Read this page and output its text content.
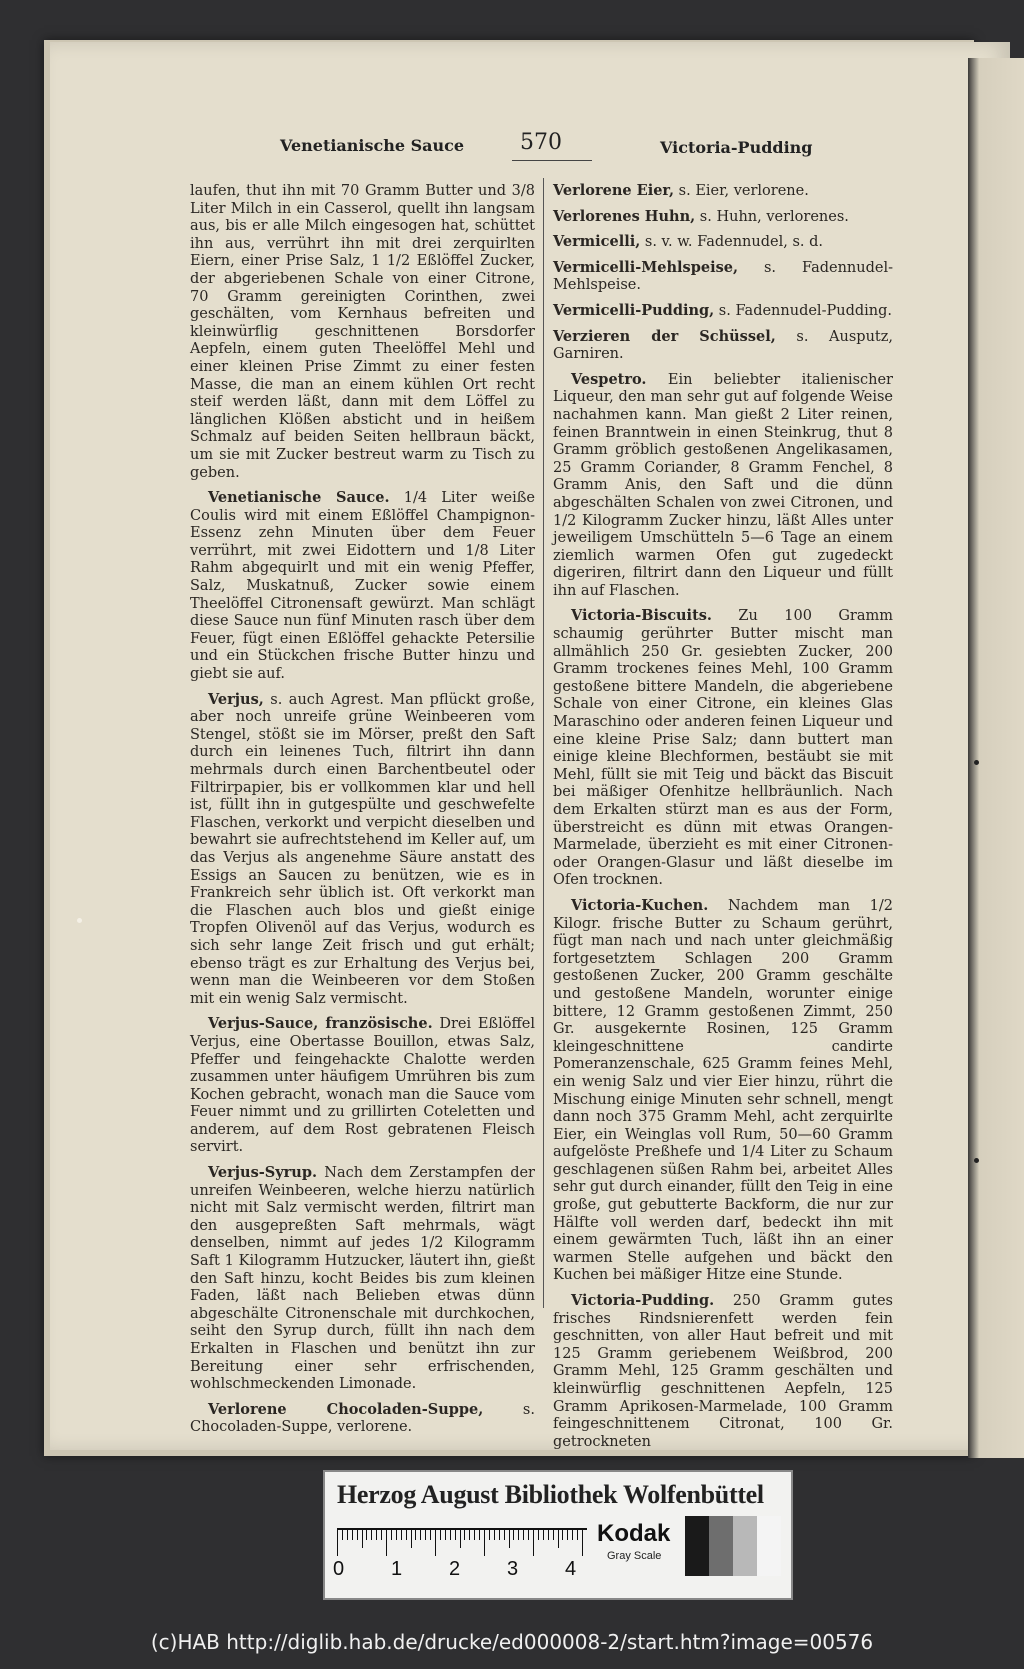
Venetianische Sauce	570	Victoria-Pudding

laufen, thut ihn mit 70 Gramm Butter und 3/8 Liter Milch in ein Casserol, quellt ihn langsam aus, bis er alle Milch eingesogen hat, schüttet ihn aus, verrührt ihn mit drei zerquirlten Eiern, einer Prise Salz, 1 1/2 Eßlöffel Zucker, der abgeriebenen Schale von einer Citrone, 70 Gramm gereinigten Corinthen, zwei geschälten, vom Kernhaus befreiten und kleinwürflig geschnittenen Borsdorfer Aepfeln, einem guten Theelöffel Mehl und einer kleinen Prise Zimmt zu einer festen Masse, die man an einem kühlen Ort recht steif werden läßt, dann mit dem Löffel zu länglichen Klößen absticht und in heißem Schmalz auf beiden Seiten hellbraun bäckt, um sie mit Zucker bestreut warm zu Tisch zu geben.

Venetianische Sauce. 1/4 Liter weiße Coulis wird mit einem Eßlöffel Champignon-Essenz zehn Minuten über dem Feuer verrührt, mit zwei Eidottern und 1/8 Liter Rahm abgequirlt und mit ein wenig Pfeffer, Salz, Muskatnuß, Zucker sowie einem Theelöffel Citronensaft gewürzt. Man schlägt diese Sauce nun fünf Minuten rasch über dem Feuer, fügt einen Eßlöffel gehackte Petersilie und ein Stückchen frische Butter hinzu und giebt sie auf.

Verjus, s. auch Agrest. Man pflückt große, aber noch unreife grüne Weinbeeren vom Stengel, stößt sie im Mörser, preßt den Saft durch ein leinenes Tuch, filtrirt ihn dann mehrmals durch einen Barchentbeutel oder Filtrirpapier, bis er vollkommen klar und hell ist, füllt ihn in gutgespülte und geschwefelte Flaschen, verkorkt und verpicht dieselben und bewahrt sie aufrechtstehend im Keller auf, um das Verjus als angenehme Säure anstatt des Essigs an Saucen zu benützen, wie es in Frankreich sehr üblich ist. Oft verkorkt man die Flaschen auch blos und gießt einige Tropfen Olivenöl auf das Verjus, wodurch es sich sehr lange Zeit frisch und gut erhält; ebenso trägt es zur Erhaltung des Verjus bei, wenn man die Weinbeeren vor dem Stoßen mit ein wenig Salz vermischt.

Verjus-Sauce, französische. Drei Eßlöffel Verjus, eine Obertasse Bouillon, etwas Salz, Pfeffer und feingehackte Chalotte werden zusammen unter häufigem Umrühren bis zum Kochen gebracht, wonach man die Sauce vom Feuer nimmt und zu grillirten Coteletten und anderem, auf dem Rost gebratenen Fleisch servirt.

Verjus-Syrup. Nach dem Zerstampfen der unreifen Weinbeeren, welche hierzu natürlich nicht mit Salz vermischt werden, filtrirt man den ausgepreßten Saft mehrmals, wägt denselben, nimmt auf jedes 1/2 Kilogramm Saft 1 Kilogramm Hutzucker, läutert ihn, gießt den Saft hinzu, kocht Beides bis zum kleinen Faden, läßt nach Belieben etwas dünn abgeschälte Citronenschale mit durchkochen, seiht den Syrup durch, füllt ihn nach dem Erkalten in Flaschen und benützt ihn zur Bereitung einer sehr erfrischenden, wohlschmeckenden Limonade.

Verlorene Chocoladen-Suppe, s. Chocoladen-Suppe, verlorene.

Verlorene Eier, s. Eier, verlorene.

Verlorenes Huhn, s. Huhn, verlorenes.

Vermicelli, s. v. w. Fadennudel, s. d.

Vermicelli-Mehlspeise, s. Fadennudel-Mehlspeise.

Vermicelli-Pudding, s. Fadennudel-Pudding.

Verzieren der Schüssel, s. Ausputz, Garniren.

Vespetro. Ein beliebter italienischer Liqueur, den man sehr gut auf folgende Weise nachahmen kann. Man gießt 2 Liter reinen, feinen Branntwein in einen Steinkrug, thut 8 Gramm gröblich gestoßenen Angelikasamen, 25 Gramm Coriander, 8 Gramm Fenchel, 8 Gramm Anis, den Saft und die dünn abgeschälten Schalen von zwei Citronen, und 1/2 Kilogramm Zucker hinzu, läßt Alles unter jeweiligem Umschütteln 5—6 Tage an einem ziemlich warmen Ofen gut zugedeckt digeriren, filtrirt dann den Liqueur und füllt ihn auf Flaschen.

Victoria-Biscuits. Zu 100 Gramm schaumig gerührter Butter mischt man allmählich 250 Gr. gesiebten Zucker, 200 Gramm trockenes feines Mehl, 100 Gramm gestoßene bittere Mandeln, die abgeriebene Schale von einer Citrone, ein kleines Glas Maraschino oder anderen feinen Liqueur und eine kleine Prise Salz; dann buttert man einige kleine Blechformen, bestäubt sie mit Mehl, füllt sie mit Teig und bäckt das Biscuit bei mäßiger Ofenhitze hellbräunlich. Nach dem Erkalten stürzt man es aus der Form, überstreicht es dünn mit etwas Orangen-Marmelade, überzieht es mit einer Citronen- oder Orangen-Glasur und läßt dieselbe im Ofen trocknen.

Victoria-Kuchen. Nachdem man 1/2 Kilogr. frische Butter zu Schaum gerührt, fügt man nach und nach unter gleichmäßig fortgesetztem Schlagen 200 Gramm gestoßenen Zucker, 200 Gramm geschälte und gestoßene Mandeln, worunter einige bittere, 12 Gramm gestoßenen Zimmt, 250 Gr. ausgekernte Rosinen, 125 Gramm kleingeschnittene candirte Pomeranzenschale, 625 Gramm feines Mehl, ein wenig Salz und vier Eier hinzu, rührt die Mischung einige Minuten sehr schnell, mengt dann noch 375 Gramm Mehl, acht zerquirlte Eier, ein Weinglas voll Rum, 50—60 Gramm aufgelöste Preßhefe und 1/4 Liter zu Schaum geschlagenen süßen Rahm bei, arbeitet Alles sehr gut durch einander, füllt den Teig in eine große, gut gebutterte Backform, die nur zur Hälfte voll werden darf, bedeckt ihn mit einem gewärmten Tuch, läßt ihn an einer warmen Stelle aufgehen und bäckt den Kuchen bei mäßiger Hitze eine Stunde.

Victoria-Pudding. 250 Gramm gutes frisches Rindsnierenfett werden fein geschnitten, von aller Haut befreit und mit 125 Gramm geriebenem Weißbrod, 200 Gramm Mehl, 125 Gramm geschälten und kleinwürflig geschnittenen Aepfeln, 125 Gramm Aprikosen-Marmelade, 100 Gramm feingeschnittenem Citronat, 100 Gr. getrockneten

Herzog August Bibliothek Wolfenbüttel
0 1 2 3 4
Kodak
Gray Scale
(c)HAB http://diglib.hab.de/drucke/ed000008-2/start.htm?image=00576
